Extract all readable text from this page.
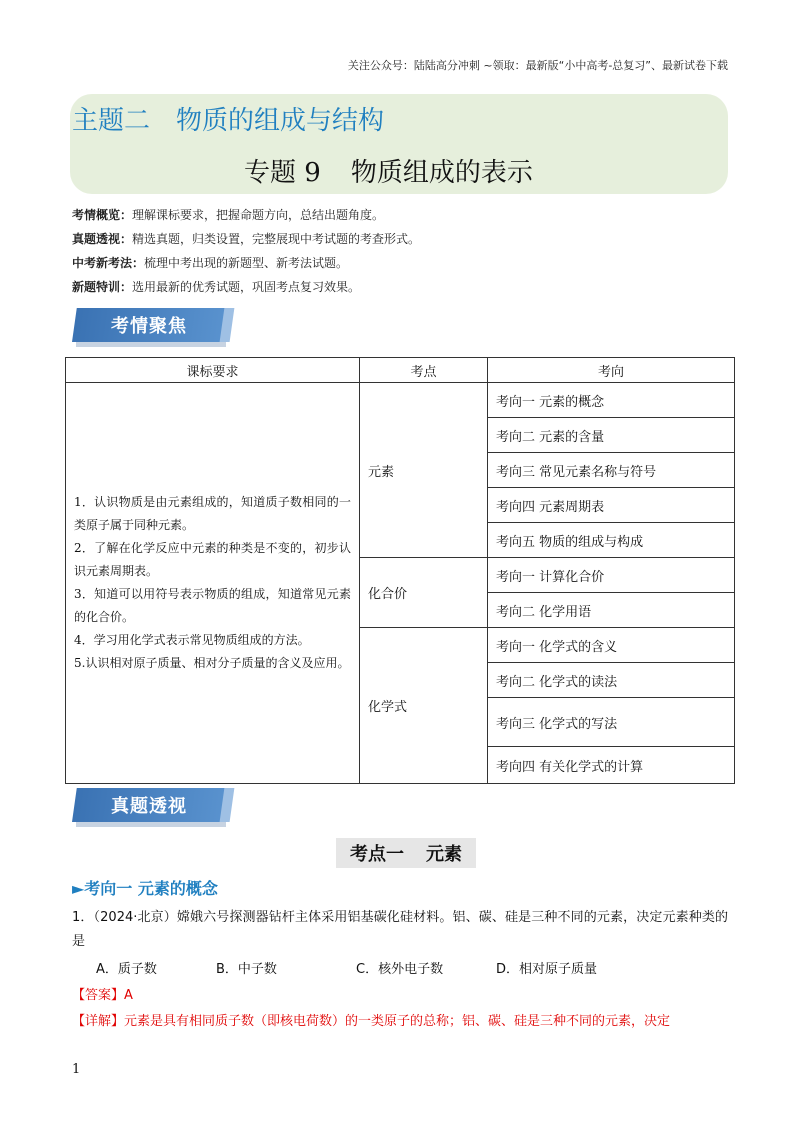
关注公众号：陆陆高分冲刺 ~领取：最新版“小中高考-总复习”、最新试卷下载
主题二 物质的组成与结构
专题 9 物质组成的表示
考情概览：理解课标要求，把握命题方向，总结出题角度。
真题透视：精选真题，归类设置，完整展现中考试题的考查形式。
中考新考法：梳理中考出现的新题型、新考法试题。
新题特训：选用最新的优秀试题，巩固考点复习效果。
考情聚焦
课标要求	考点	考向

1．认识物质是由元素组成的，知道质子数相同的一类原子属于同种元素。

2．了解在化学反应中元素的种类是不变的，初步认识元素周期表。

3．知道可以用符号表示物质的组成，知道常见元素的化合价。

4．学习用化学式表示常见物质组成的方法。

5.认识相对原子质量、相对分子质量的含义及应用。	元素	考向一 元素的概念
		考向二 元素的含量
		考向三 常见元素名称与符号
		考向四 元素周期表
		考向五 物质的组成与构成
	化合价	考向一 计算化合价
		考向二 化学用语
	化学式	考向一 化学式的含义
		考向二 化学式的读法
		考向三 化学式的写法
		考向四 有关化学式的计算
真题透视
考点一 元素
►考向一 元素的概念
1．（2024·北京）嫦娥六号探测器钻杆主体采用铝基碳化硅材料。铝、碳、硅是三种不同的元素，决定元素种类的是
A．质子数	B．中子数	C．核外电子数	D．相对原子质量
【答案】A
【详解】元素是具有相同质子数（即核电荷数）的一类原子的总称；铝、碳、硅是三种不同的元素，决定
1
